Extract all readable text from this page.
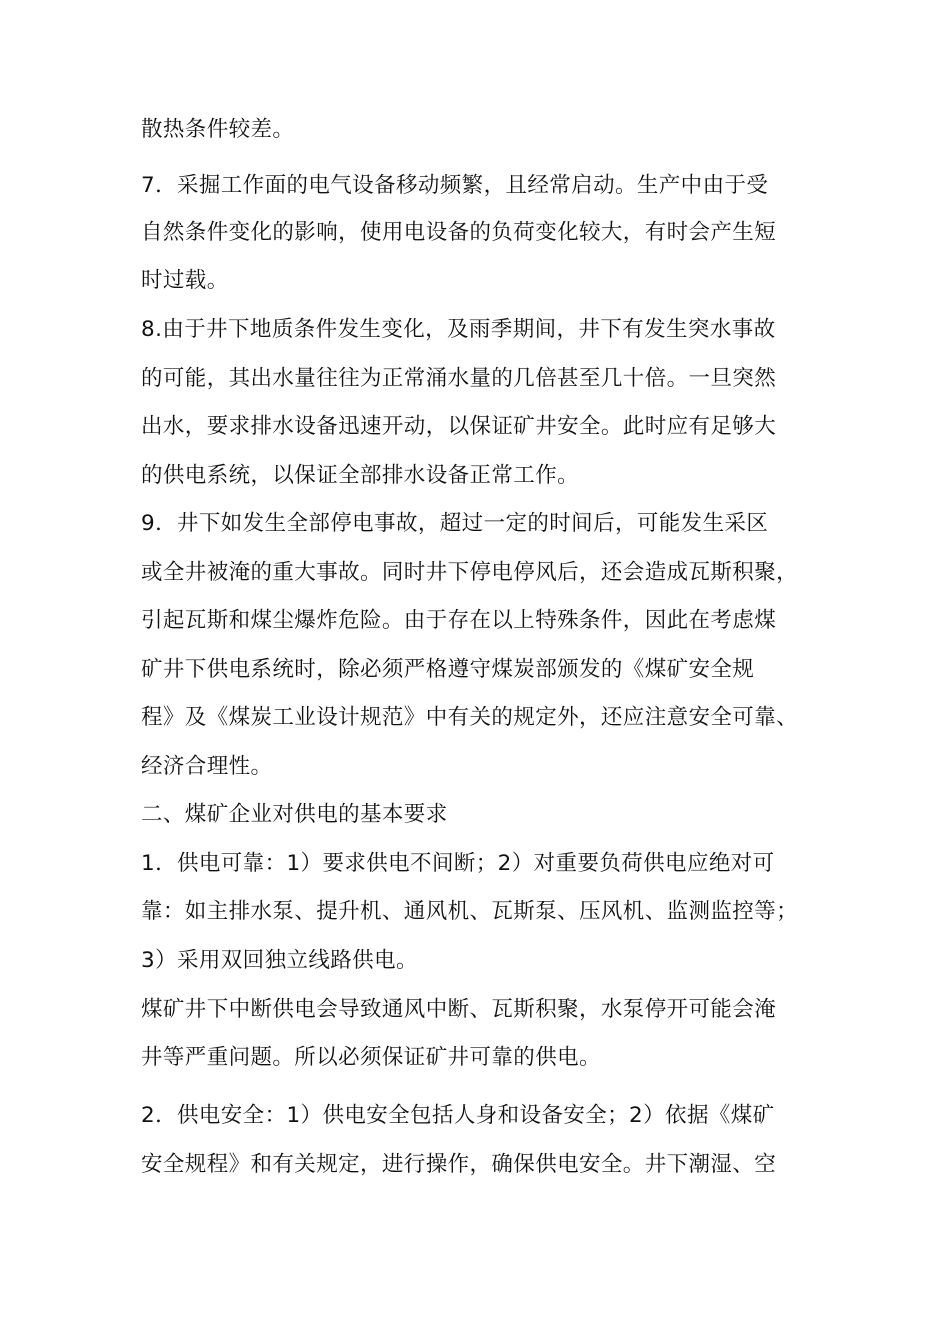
散热条件较差。
7．采掘工作面的电气设备移动频繁，且经常启动。生产中由于受
自然条件变化的影响，使用电设备的负荷变化较大，有时会产生短
时过载。
8.由于井下地质条件发生变化，及雨季期间，井下有发生突水事故
的可能，其出水量往往为正常涌水量的几倍甚至几十倍。一旦突然
出水，要求排水设备迅速开动，以保证矿井安全。此时应有足够大
的供电系统，以保证全部排水设备正常工作。
9．井下如发生全部停电事故，超过一定的时间后，可能发生采区
或全井被淹的重大事故。同时井下停电停风后，还会造成瓦斯积聚，
引起瓦斯和煤尘爆炸危险。由于存在以上特殊条件，因此在考虑煤
矿井下供电系统时，除必须严格遵守煤炭部颁发的《煤矿安全规
程》及《煤炭工业设计规范》中有关的规定外，还应注意安全可靠、
经济合理性。
二、煤矿企业对供电的基本要求
1．供电可靠：1）要求供电不间断；2）对重要负荷供电应绝对可
靠：如主排水泵、提升机、通风机、瓦斯泵、压风机、监测监控等；
3）采用双回独立线路供电。
煤矿井下中断供电会导致通风中断、瓦斯积聚，水泵停开可能会淹
井等严重问题。所以必须保证矿井可靠的供电。
2．供电安全：1）供电安全包括人身和设备安全；2）依据《煤矿
安全规程》和有关规定，进行操作，确保供电安全。井下潮湿、空
